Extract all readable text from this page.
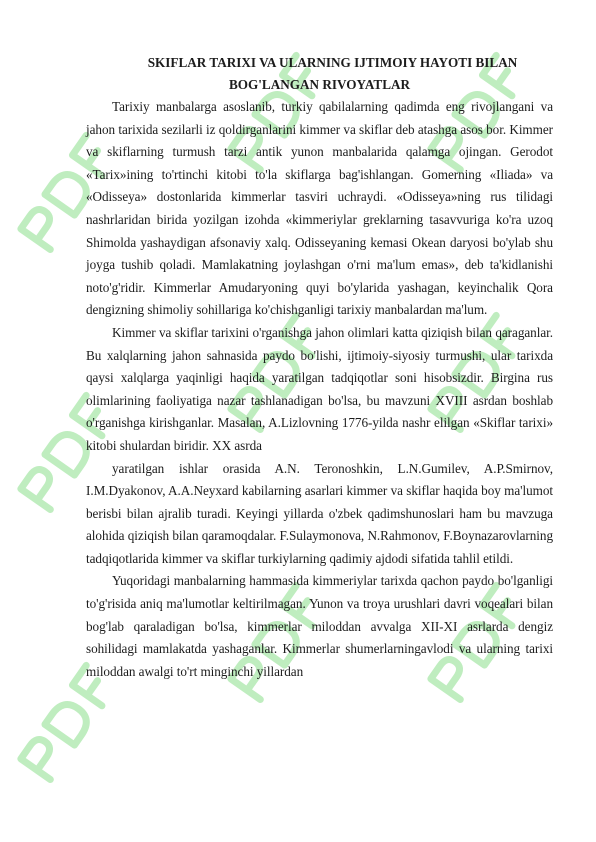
SKIFLAR TARIXI VA ULARNING IJTIMOIY HAYOTI BILAN
BOG'LANGAN RIVOYATLAR

Tarixiy manbalarga asoslanib, turkiy qabilalarning qadimda eng rivojlangani va jahon tarixida sezilarli iz qoldirganlarini kimmer va skiflar deb atashga asos bor. Kimmer va skiflarning turmush tarzi antik yunon manbalarida qalamga ojingan. Gerodot «Tarix»ining to'rtinchi kitobi to'la skiflarga bag'ishlangan. Gomerning «Iliada» va «Odisseya» dostonlarida kimmerlar tasviri uchraydi. «Odisseya»ning rus tilidagi nashrlaridan birida yozilgan izohda «kimmeriylar greklarning tasavvuriga ko'ra uzoq Shimolda yashaydigan afsonaviy xalq. Odisseyaning kemasi Okean daryosi bo'ylab shu joyga tushib qoladi. Mamlakatning joylashgan o'rni ma'lum emas», deb ta'kidlanishi noto'g'ridir. Kimmerlar Amudaryoning quyi bo'ylarida yashagan, keyinchalik Qora dengizning shimoliy sohillariga ko'chishganligi tarixiy manbalardan ma'lum.

Kimmer va skiflar tarixini o'rganishga jahon olimlari katta qiziqish bilan qaraganlar. Bu xalqlarning jahon sahnasida paydo bo'lishi, ijtimoiy-siyosiy turmushi, ular tarixda qaysi xalqlarga yaqinligi haqida yaratilgan tadqiqotlar soni hisobsizdir. Birgina rus olimlarining faoliyatiga nazar tashlanadigan bo'lsa, bu mavzuni XVIII asrdan boshlab o'rganishga kirishganlar. Masalan, A.Lizlovning 1776-yilda nashr elilgan «Skiflar tarixi» kitobi shulardan biridir. XX asrda

yaratilgan ishlar orasida A.N. Teronoshkin, L.N.Gumilev, A.P.Smirnov, I.M.Dyakonov, A.A.Neyxard kabilarning asarlari kimmer va skiflar haqida boy ma'lumot berisbi bilan ajralib turadi. Keyingi yillarda o'zbek qadimshunoslari ham bu mavzuga alohida qiziqish bilan qaramoqdalar. F.Sulaymonova, N.Rahmonov, F.Boynazarovlarning tadqiqotlarida kimmer va skiflar turkiylarning qadimiy ajdodi sifatida tahlil etildi.

Yuqoridagi manbalarning hammasida kimmeriylar tarixda qachon paydo bo'lganligi to'g'risida aniq ma'lumotlar keltirilmagan. Yunon va troya urushlari davri voqealari bilan bog'lab qaraladigan bo'lsa, kimmerlar miloddan avvalga XII-XI asrlarda dengiz sohilidagi mamlakatda yashaganlar. Kimmerlar shumerlarningavlodi va ularning tarixi miloddan awalgi to'rt minginchi yillardan
